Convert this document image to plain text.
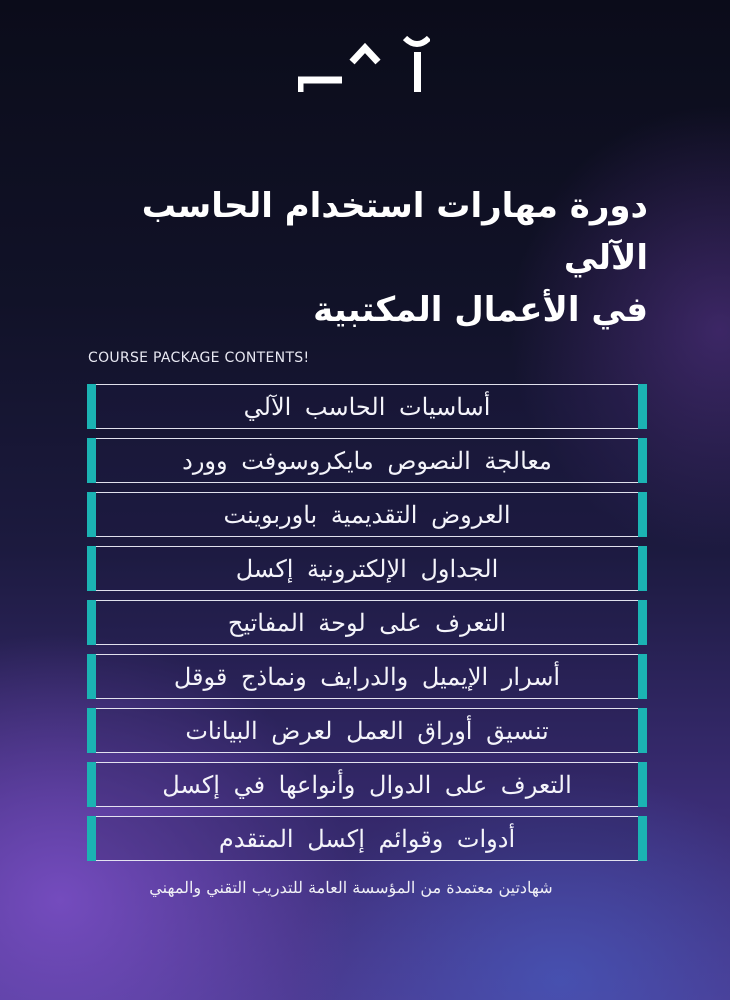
دورة مهارات استخدام الحاسب الآلي
في الأعمال المكتبية
COURSE PACKAGE CONTENTS!
أساسيات الحاسب الآلي
معالجة النصوص مايكروسوفت وورد
العروض التقديمية باوربوينت
الجداول الإلكترونية إكسل
التعرف على لوحة المفاتيح
أسرار الإيميل والدرايف ونماذج قوقل
تنسيق أوراق العمل لعرض البيانات
التعرف على الدوال وأنواعها في إكسل
أدوات وقوائم إكسل المتقدم
شهادتين معتمدة من المؤسسة العامة للتدريب التقني والمهني
